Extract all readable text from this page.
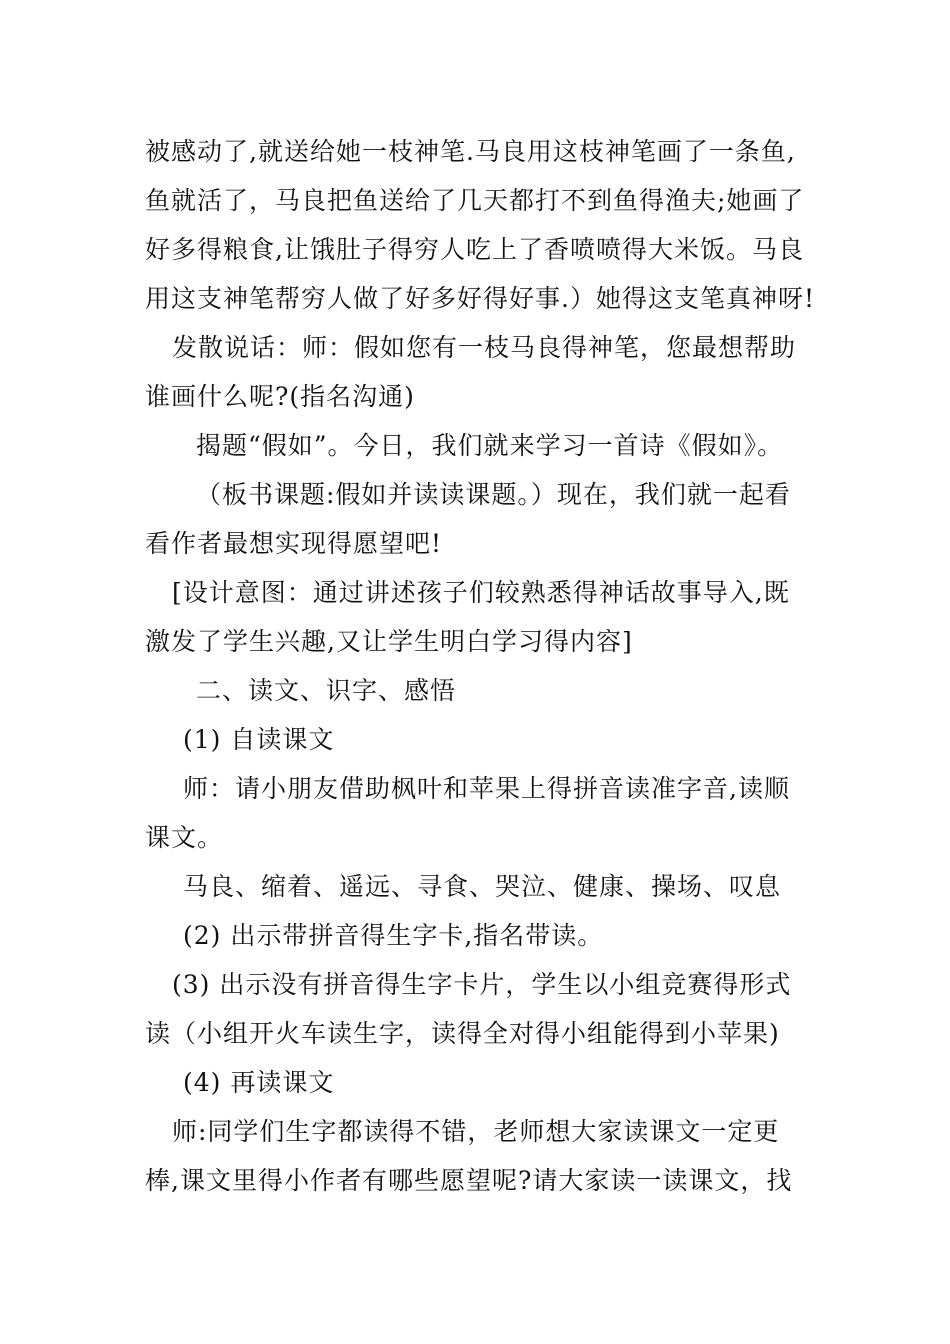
被感动了,就送给她一枝神笔.马良用这枝神笔画了一条鱼,
鱼就活了，马良把鱼送给了几天都打不到鱼得渔夫;她画了
好多得粮食,让饿肚子得穷人吃上了香喷喷得大米饭。马良
用这支神笔帮穷人做了好多好得好事.）她得这支笔真神呀!
发散说话：师：假如您有一枝马良得神笔，您最想帮助
谁画什么呢?(指名沟通)
揭题“假如”。今日，我们就来学习一首诗《假如》。
（板书课题:假如并读读课题。）现在，我们就一起看
看作者最想实现得愿望吧!
[设计意图：通过讲述孩子们较熟悉得神话故事导入,既
激发了学生兴趣,又让学生明白学习得内容]
二、读文、识字、感悟
(1) 自读课文
师：请小朋友借助枫叶和苹果上得拼音读准字音,读顺
课文。
马良、缩着、遥远、寻食、哭泣、健康、操场、叹息
(2) 出示带拼音得生字卡,指名带读。
(3) 出示没有拼音得生字卡片，学生以小组竞赛得形式
读（小组开火车读生字，读得全对得小组能得到小苹果)
(4) 再读课文
师:同学们生字都读得不错，老师想大家读课文一定更
棒,课文里得小作者有哪些愿望呢?请大家读一读课文，找
